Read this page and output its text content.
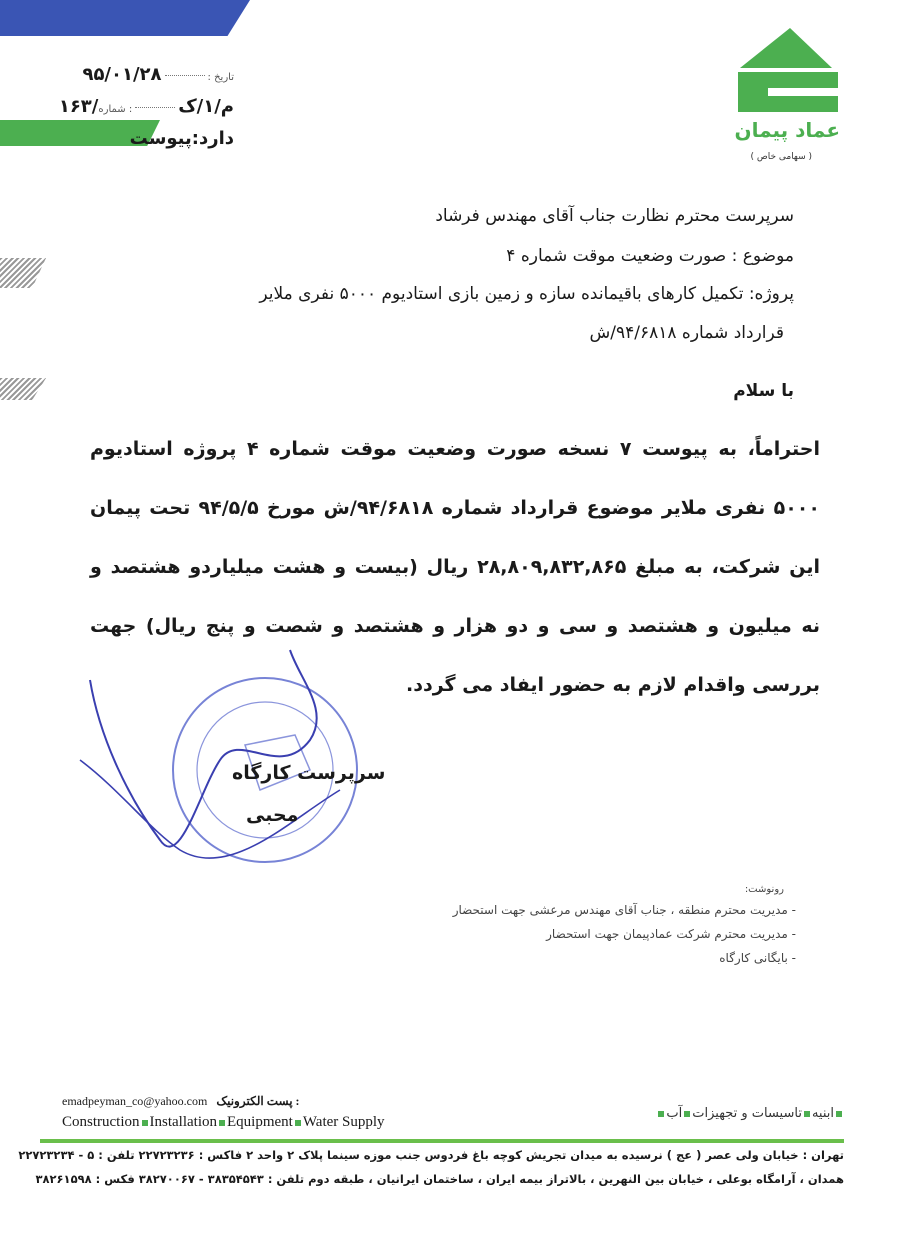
۹۵/۰۱/۲۸	: تاریخ
۱۶۳/م/۱/ک: شماره
دارد:پیوست	عماد پیمان
( سهامی خاص )
سرپرست محترم نظارت جناب آقای مهندس فرشاد
موضوع : صورت وضعیت موقت شماره ۴
پروژه: تکمیل کارهای باقیمانده سازه و زمین بازی استادیوم ۵۰۰۰ نفری ملایر
قرارداد شماره ۹۴/۶۸۱۸/ش
با سلام
احتراماً، به پیوست ۷ نسخه صورت وضعیت موقت شماره ۴ پروژه استادیوم ۵۰۰۰ نفری ملایر موضوع قرارداد شماره ۹۴/۶۸۱۸/ش مورخ ۹۴/۵/۵ تحت پیمان این شرکت، به مبلغ ۲۸,۸۰۹,۸۳۲,۸۶۵ ریال (بیست و هشت میلیاردو هشتصد و نه میلیون و هشتصد و سی و دو هزار و هشتصد و شصت و پنج ریال) جهت بررسی واقدام لازم به حضور ایفاد می گردد.
سرپرست کارگاه
محبی
رونوشت:
- مدیریت محترم منطقه ، جناب آقای مهندس مرعشی جهت استحضار
- مدیریت محترم شرکت عمادپیمان جهت استحضار
- بایگانی کارگاه
emadpeyman_co@yahoo.com پست الکترونیک :
Construction Installation Equipment Water Supply
ابنیهتاسیسات و تجهیزاتآب
تهران : خیابان ولی عصر ( عج ) نرسیده به میدان تجریش کوچه باغ فردوس جنب موزه سینما پلاک ۲ واحد ۲ فاکس : ۲۲۷۲۳۲۳۶ تلفن : ۵ - ۲۲۷۲۳۲۳۴
همدان ، آرامگاه بوعلی ، خیابان بین النهرین ، بالاتراز بیمه ایران ، ساختمان ایرانیان ، طبقه دوم تلفن : ۳۸۳۵۴۵۴۳ - ۳۸۲۷۰۰۶۷ فکس : ۳۸۲۶۱۵۹۸
